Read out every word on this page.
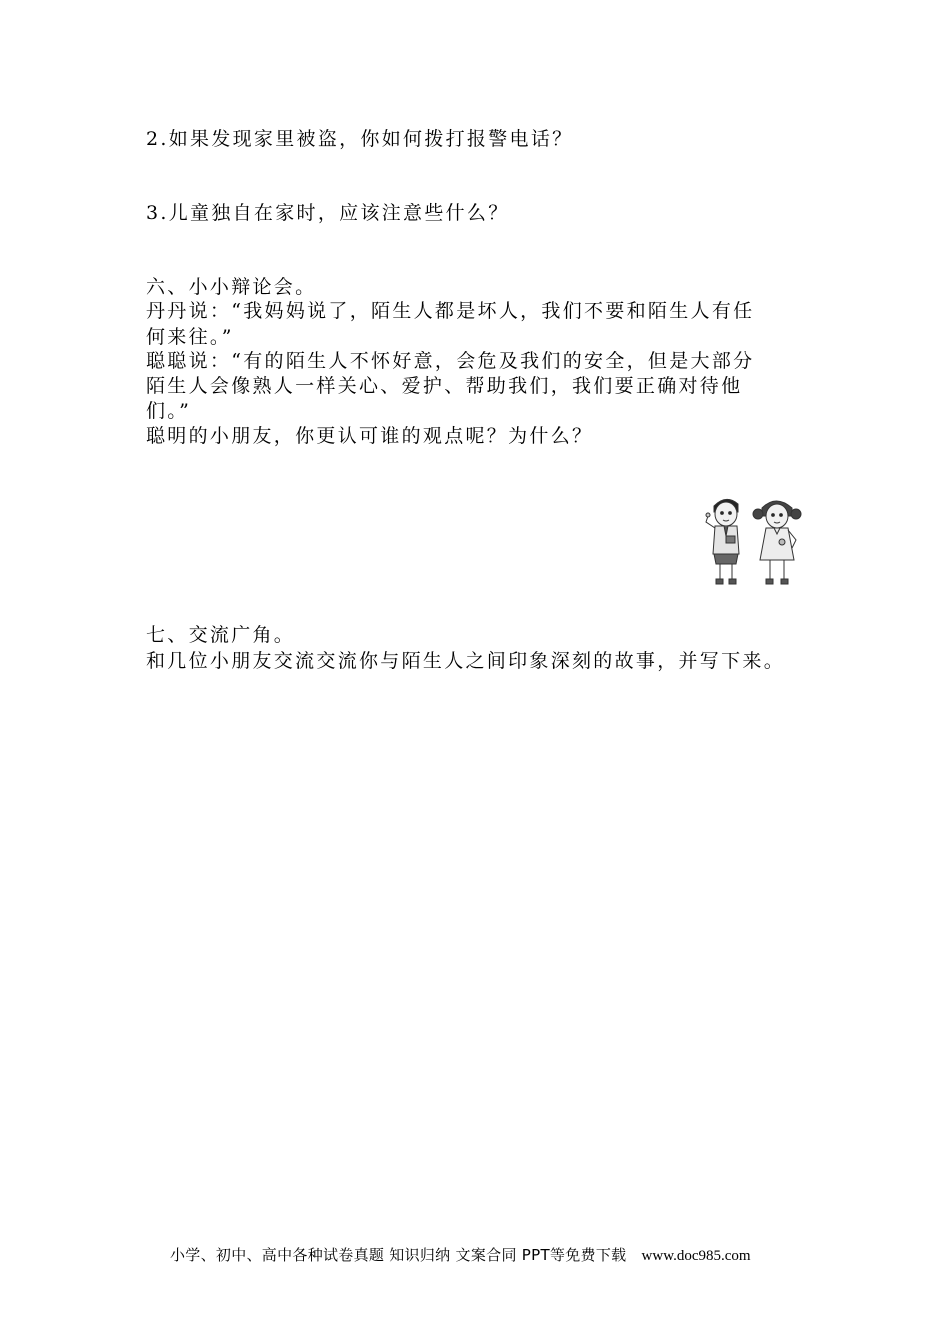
2.如果发现家里被盗，你如何拨打报警电话？
3.儿童独自在家时，应该注意些什么？
六、小小辩论会。
丹丹说：“我妈妈说了，陌生人都是坏人，我们不要和陌生人有任
何来往。”
聪聪说：“有的陌生人不怀好意，会危及我们的安全，但是大部分
陌生人会像熟人一样关心、爱护、帮助我们，我们要正确对待他
们。”
聪明的小朋友，你更认可谁的观点呢？为什么？
七、交流广角。
和几位小朋友交流交流你与陌生人之间印象深刻的故事，并写下来。
小学、初中、高中各种试卷真题 知识归纳 文案合同 PPT等免费下载 www.doc985.com
